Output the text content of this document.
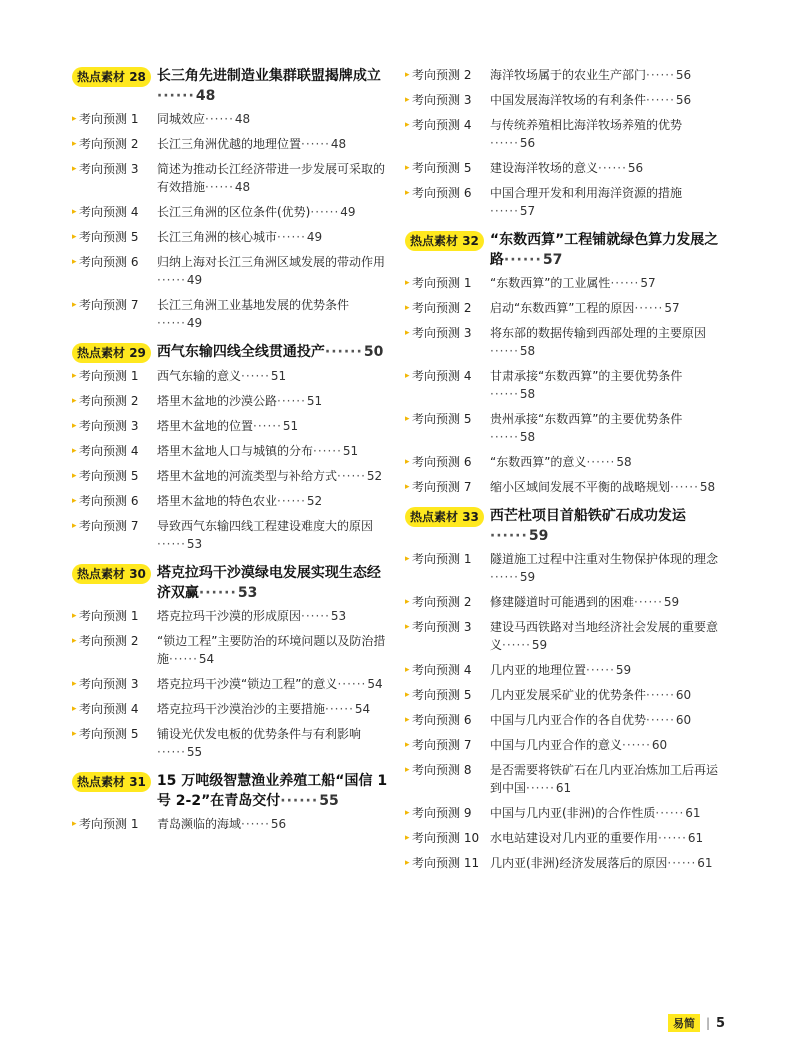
热点素材 28 长三角先进制造业集群联盟揭牌成立······48
▸ 考向预测 1	同城效应······48
▸ 考向预测 2	长江三角洲优越的地理位置······48
▸ 考向预测 3	简述为推动长江经济带进一步发展可采取的有效措施······48
▸ 考向预测 4	长江三角洲的区位条件(优势)······49
▸ 考向预测 5	长江三角洲的核心城市······49
▸ 考向预测 6	归纳上海对长江三角洲区域发展的带动作用······49
▸ 考向预测 7	长江三角洲工业基地发展的优势条件······49
热点素材 29 西气东输四线全线贯通投产······50
▸ 考向预测 1	西气东输的意义······51
▸ 考向预测 2	塔里木盆地的沙漠公路······51
▸ 考向预测 3	塔里木盆地的位置······51
▸ 考向预测 4	塔里木盆地人口与城镇的分布······51
▸ 考向预测 5	塔里木盆地的河流类型与补给方式······52
▸ 考向预测 6	塔里木盆地的特色农业······52
▸ 考向预测 7	导致西气东输四线工程建设难度大的原因······53
热点素材 30 塔克拉玛干沙漠绿电发展实现生态经济双赢······53
▸ 考向预测 1	塔克拉玛干沙漠的形成原因······53
▸ 考向预测 2	“锁边工程”主要防治的环境问题以及防治措施······54
▸ 考向预测 3	塔克拉玛干沙漠“锁边工程”的意义······54
▸ 考向预测 4	塔克拉玛干沙漠治沙的主要措施······54
▸ 考向预测 5	铺设光伏发电板的优势条件与有利影响······55
热点素材 31 15 万吨级智慧渔业养殖工船“国信 1 号 2-2”在青岛交付······55
▸ 考向预测 1	青岛濒临的海域······56
▸ 考向预测 2	海洋牧场属于的农业生产部门······56
▸ 考向预测 3	中国发展海洋牧场的有利条件······56
▸ 考向预测 4	与传统养殖相比海洋牧场养殖的优势······56
▸ 考向预测 5	建设海洋牧场的意义······56
▸ 考向预测 6	中国合理开发和利用海洋资源的措施······57
热点素材 32 “东数西算”工程铺就绿色算力发展之路······57
▸ 考向预测 1	“东数西算”的工业属性······57
▸ 考向预测 2	启动“东数西算”工程的原因······57
▸ 考向预测 3	将东部的数据传输到西部处理的主要原因······58
▸ 考向预测 4	甘肃承接“东数西算”的主要优势条件······58
▸ 考向预测 5	贵州承接“东数西算”的主要优势条件······58
▸ 考向预测 6	“东数西算”的意义······58
▸ 考向预测 7	缩小区域间发展不平衡的战略规划······58
热点素材 33 西芒杜项目首船铁矿石成功发运······59
▸ 考向预测 1	隧道施工过程中注重对生物保护体现的理念······59
▸ 考向预测 2	修建隧道时可能遇到的困难······59
▸ 考向预测 3	建设马西铁路对当地经济社会发展的重要意义······59
▸ 考向预测 4	几内亚的地理位置······59
▸ 考向预测 5	几内亚发展采矿业的优势条件······60
▸ 考向预测 6	中国与几内亚合作的各自优势······60
▸ 考向预测 7	中国与几内亚合作的意义······60
▸ 考向预测 8	是否需要将铁矿石在几内亚冶炼加工后再运到中国······61
▸ 考向预测 9	中国与几内亚(非洲)的合作性质······61
▸ 考向预测 10 水电站建设对几内亚的重要作用······61
▸ 考向预测 11 几内亚(非洲)经济发展落后的原因······61
易简 | 5
